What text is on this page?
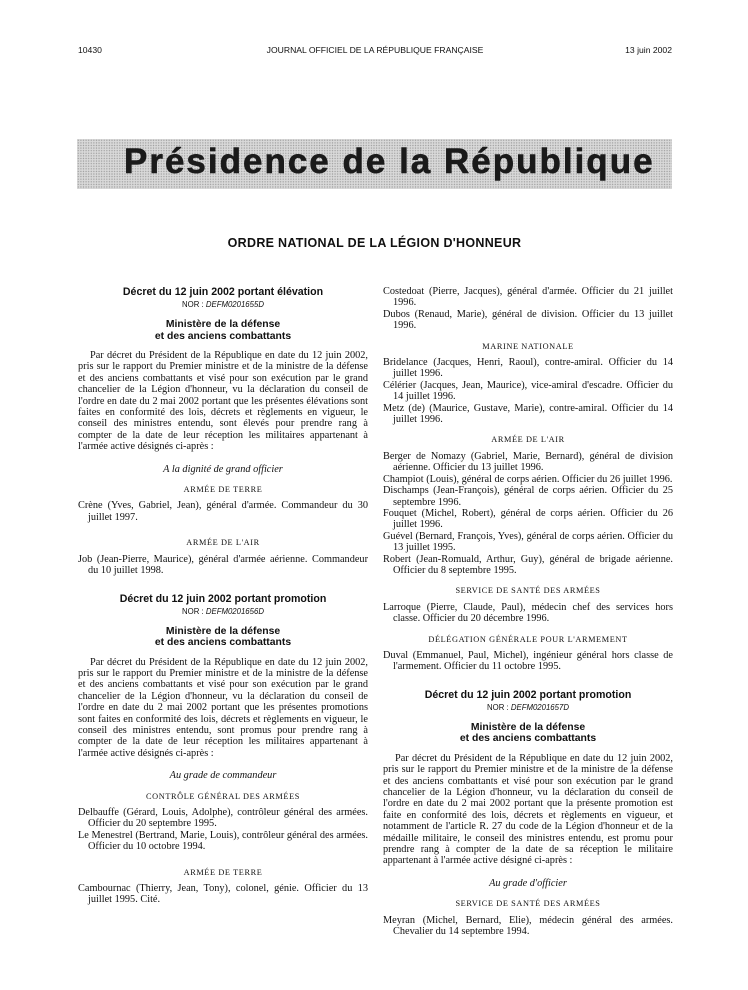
10430	JOURNAL OFFICIEL DE LA RÉPUBLIQUE FRANÇAISE	13 juin 2002
Présidence de la République
ORDRE NATIONAL DE LA LÉGION D'HONNEUR
Décret du 12 juin 2002 portant élévation
NOR : DEFM0201655D
Ministère de la défense
et des anciens combattants
Par décret du Président de la République en date du 12 juin 2002, pris sur le rapport du Premier ministre et de la ministre de la défense et des anciens combattants et visé pour son exécution par le grand chancelier de la Légion d'honneur, vu la déclaration du conseil de l'ordre en date du 2 mai 2002 portant que les présentes élévations sont faites en conformité des lois, décrets et règlements en vigueur, le conseil des ministres entendu, sont élevés pour prendre rang à compter de la date de leur réception les militaires appartenant à l'armée active désignés ci-après :
A la dignité de grand officier
ARMÉE DE TERRE
Crène (Yves, Gabriel, Jean), général d'armée. Commandeur du 30 juillet 1997.
ARMÉE DE L'AIR
Job (Jean-Pierre, Maurice), général d'armée aérienne. Commandeur du 10 juillet 1998.
Décret du 12 juin 2002 portant promotion
NOR : DEFM0201656D
Ministère de la défense
et des anciens combattants
Par décret du Président de la République en date du 12 juin 2002, pris sur le rapport du Premier ministre et de la ministre de la défense et des anciens combattants et visé pour son exécution par le grand chancelier de la Légion d'honneur, vu la déclaration du conseil de l'ordre en date du 2 mai 2002 portant que les présentes promotions sont faites en conformité des lois, décrets et règlements en vigueur, le conseil des ministres entendu, sont promus pour prendre rang à compter de la date de leur réception les militaires appartenant à l'armée active désignés ci-après :
Au grade de commandeur
CONTRÔLE GÉNÉRAL DES ARMÉES
Delbauffe (Gérard, Louis, Adolphe), contrôleur général des armées. Officier du 20 septembre 1995.
Le Menestrel (Bertrand, Marie, Louis), contrôleur général des armées. Officier du 10 octobre 1994.
ARMÉE DE TERRE
Cambournac (Thierry, Jean, Tony), colonel, génie. Officier du 13 juillet 1995. Cité.
Costedoat (Pierre, Jacques), général d'armée. Officier du 21 juillet 1996.
Dubos (Renaud, Marie), général de division. Officier du 13 juillet 1996.
MARINE NATIONALE
Bridelance (Jacques, Henri, Raoul), contre-amiral. Officier du 14 juillet 1996.
Célérier (Jacques, Jean, Maurice), vice-amiral d'escadre. Officier du 14 juillet 1996.
Metz (de) (Maurice, Gustave, Marie), contre-amiral. Officier du 14 juillet 1996.
ARMÉE DE L'AIR
Berger de Nomazy (Gabriel, Marie, Bernard), général de division aérienne. Officier du 13 juillet 1996.
Champiot (Louis), général de corps aérien. Officier du 26 juillet 1996.
Dischamps (Jean-François), général de corps aérien. Officier du 25 septembre 1996.
Fouquet (Michel, Robert), général de corps aérien. Officier du 26 juillet 1996.
Guével (Bernard, François, Yves), général de corps aérien. Officier du 13 juillet 1995.
Robert (Jean-Romuald, Arthur, Guy), général de brigade aérienne. Officier du 8 septembre 1995.
SERVICE DE SANTÉ DES ARMÉES
Larroque (Pierre, Claude, Paul), médecin chef des services hors classe. Officier du 20 décembre 1996.
DÉLÉGATION GÉNÉRALE POUR L'ARMEMENT
Duval (Emmanuel, Paul, Michel), ingénieur général hors classe de l'armement. Officier du 11 octobre 1995.
Décret du 12 juin 2002 portant promotion
NOR : DEFM0201657D
Ministère de la défense
et des anciens combattants
Par décret du Président de la République en date du 12 juin 2002, pris sur le rapport du Premier ministre et de la ministre de la défense et des anciens combattants et visé pour son exécution par le grand chancelier de la Légion d'honneur, vu la déclaration du conseil de l'ordre en date du 2 mai 2002 portant que la présente promotion est faite en conformité des lois, décrets et règlements en vigueur, et notamment de l'article R. 27 du code de la Légion d'honneur et de la médaille militaire, le conseil des ministres entendu, est promu pour prendre rang à compter de la date de sa réception le militaire appartenant à l'armée active désigné ci-après :
Au grade d'officier
SERVICE DE SANTÉ DES ARMÉES
Meyran (Michel, Bernard, Elie), médecin général des armées. Chevalier du 14 septembre 1994.
